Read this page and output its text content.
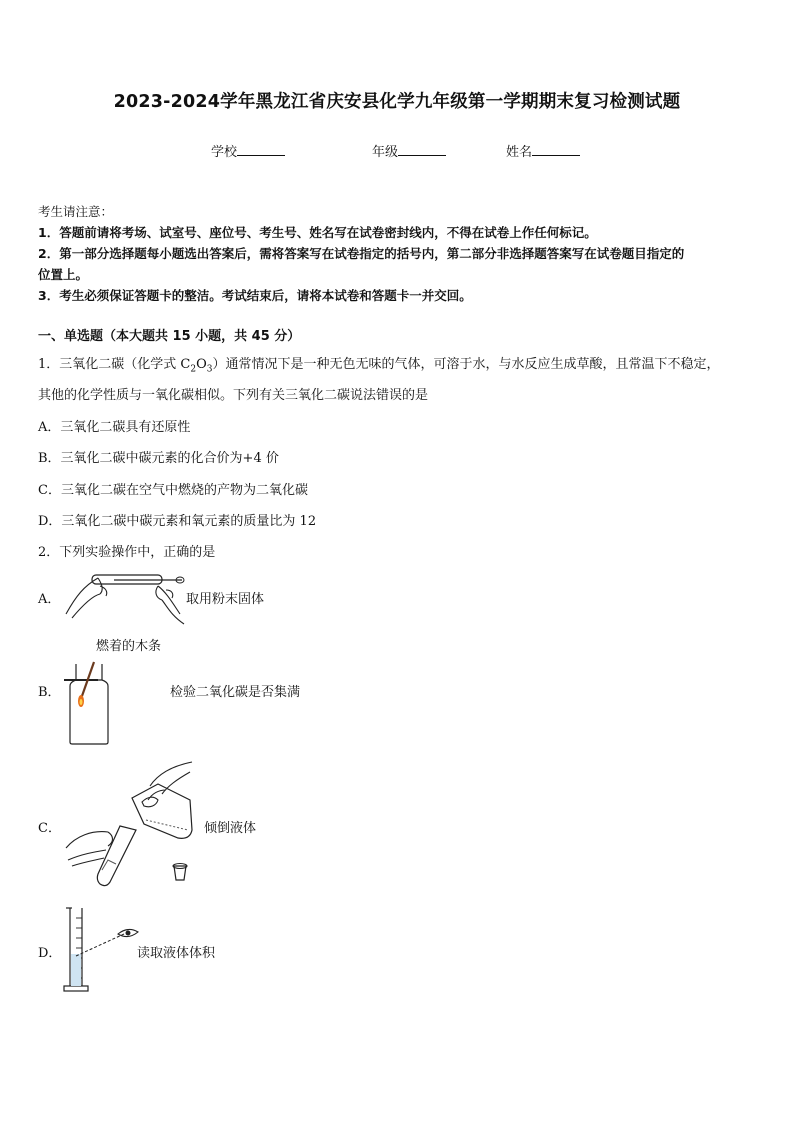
2023-2024学年黑龙江省庆安县化学九年级第一学期期末复习检测试题
学校	年级	姓名
考生请注意：
1．答题前请将考场、试室号、座位号、考生号、姓名写在试卷密封线内，不得在试卷上作任何标记。
2．第一部分选择题每小题选出答案后，需将答案写在试卷指定的括号内，第二部分非选择题答案写在试卷题目指定的
位置上。
3．考生必须保证答题卡的整洁。考试结束后，请将本试卷和答题卡一并交回。
一、单选题（本大题共 15 小题，共 45 分）
1．三氧化二碳（化学式 $C_2O_3$）通常情况下是一种无色无味的气体，可溶于水，与水反应生成草酸，且常温下不稳定，
其他的化学性质与一氧化碳相似。下列有关三氧化二碳说法错误的是
A．三氧化二碳具有还原性
B．三氧化二碳中碳元素的化合价为+4 价
C．三氧化二碳在空气中燃烧的产物为二氧化碳
D．三氧化二碳中碳元素和氧元素的质量比为 12
2．下列实验操作中，正确的是
A．	取用粉末固体
燃着的木条
B．	检验二氧化碳是否集满
C．	倾倒液体
D．	读取液体体积
